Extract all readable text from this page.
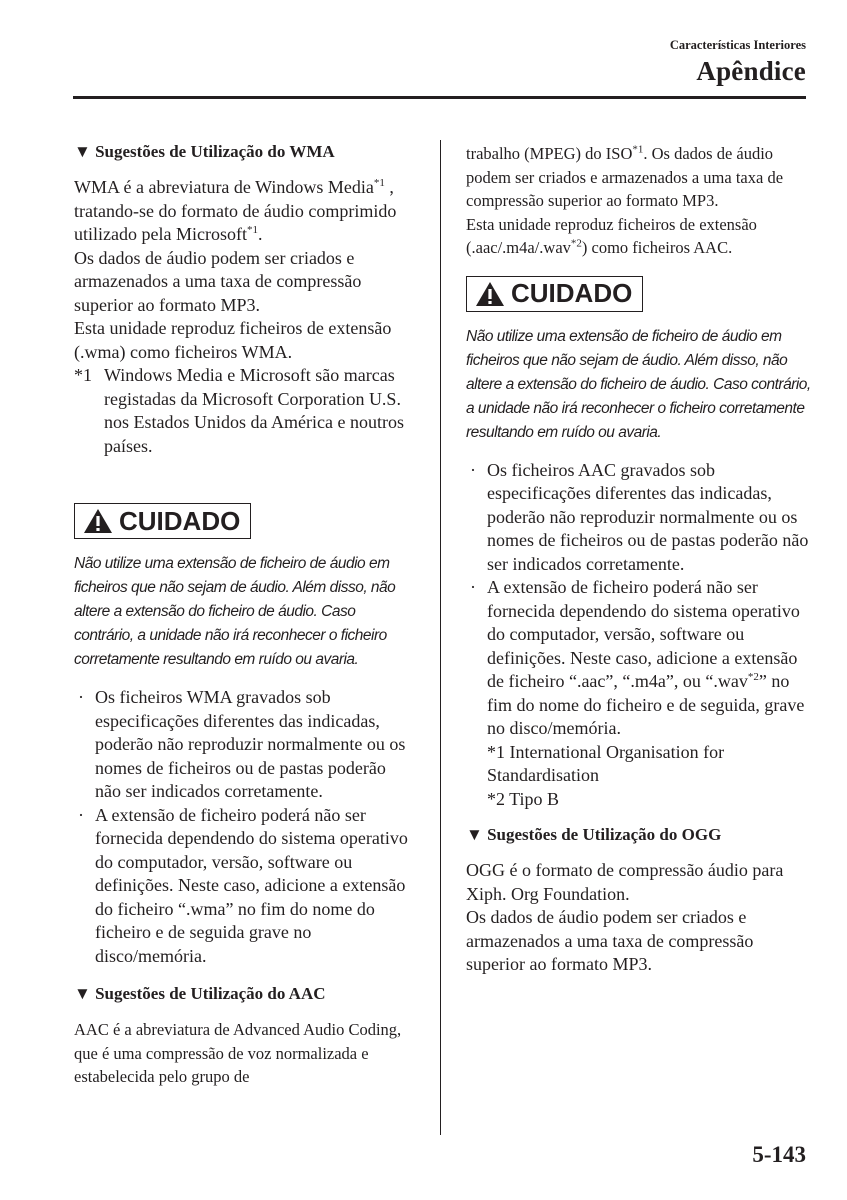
Características Interiores
Apêndice
▼ Sugestões de Utilização do WMA

WMA é a abreviatura de Windows Media$^{*1}$ , tratando-se do formato de áudio comprimido utilizado pela Microsoft$^{*1}$.

Os dados de áudio podem ser criados e armazenados a uma taxa de compressão superior ao formato MP3.

Esta unidade reproduz ficheiros de extensão (.wma) como ficheiros WMA.

*1 Windows Media e Microsoft são marcas registadas da Microsoft Corporation U.S. nos Estados Unidos da América e noutros países.
CUIDADO

Não utilize uma extensão de ficheiro de áudio em ficheiros que não sejam de áudio. Além disso, não altere a extensão do ficheiro de áudio. Caso contrário, a unidade não irá reconhecer o ficheiro corretamente resultando em ruído ou avaria.

· Os ficheiros WMA gravados sob especificações diferentes das indicadas, poderão não reproduzir normalmente ou os nomes de ficheiros ou de pastas poderão não ser indicados corretamente.
· A extensão de ficheiro poderá não ser fornecida dependendo do sistema operativo do computador, versão, software ou definições. Neste caso, adicione a extensão do ficheiro “.wma” no fim do nome do ficheiro e de seguida grave no disco/memória.
▼ Sugestões de Utilização do AAC

AAC é a abreviatura de Advanced Audio Coding, que é uma compressão de voz normalizada e estabelecida pelo grupo de

trabalho (MPEG) do ISO$^{*1}$. Os dados de áudio podem ser criados e armazenados a uma taxa de compressão superior ao formato MP3.

Esta unidade reproduz ficheiros de extensão (.aac/.m4a/.wav$^{*2}$) como ficheiros AAC.

CUIDADO

Não utilize uma extensão de ficheiro de áudio em ficheiros que não sejam de áudio. Além disso, não altere a extensão do ficheiro de áudio. Caso contrário, a unidade não irá reconhecer o ficheiro corretamente resultando em ruído ou avaria.

· Os ficheiros AAC gravados sob especificações diferentes das indicadas, poderão não reproduzir normalmente ou os nomes de ficheiros ou de pastas poderão não ser indicados corretamente.
· A extensão de ficheiro poderá não ser fornecida dependendo do sistema operativo do computador, versão, software ou definições. Neste caso, adicione a extensão de ficheiro “.aac”, “.m4a”, ou “.wav$^{*2}$” no fim do nome do ficheiro e de seguida, grave no disco/memória.
*1 International Organisation for Standardisation
*2 Tipo B
▼ Sugestões de Utilização do OGG

OGG é o formato de compressão áudio para Xiph. Org Foundation.

Os dados de áudio podem ser criados e armazenados a uma taxa de compressão superior ao formato MP3.

5-143
